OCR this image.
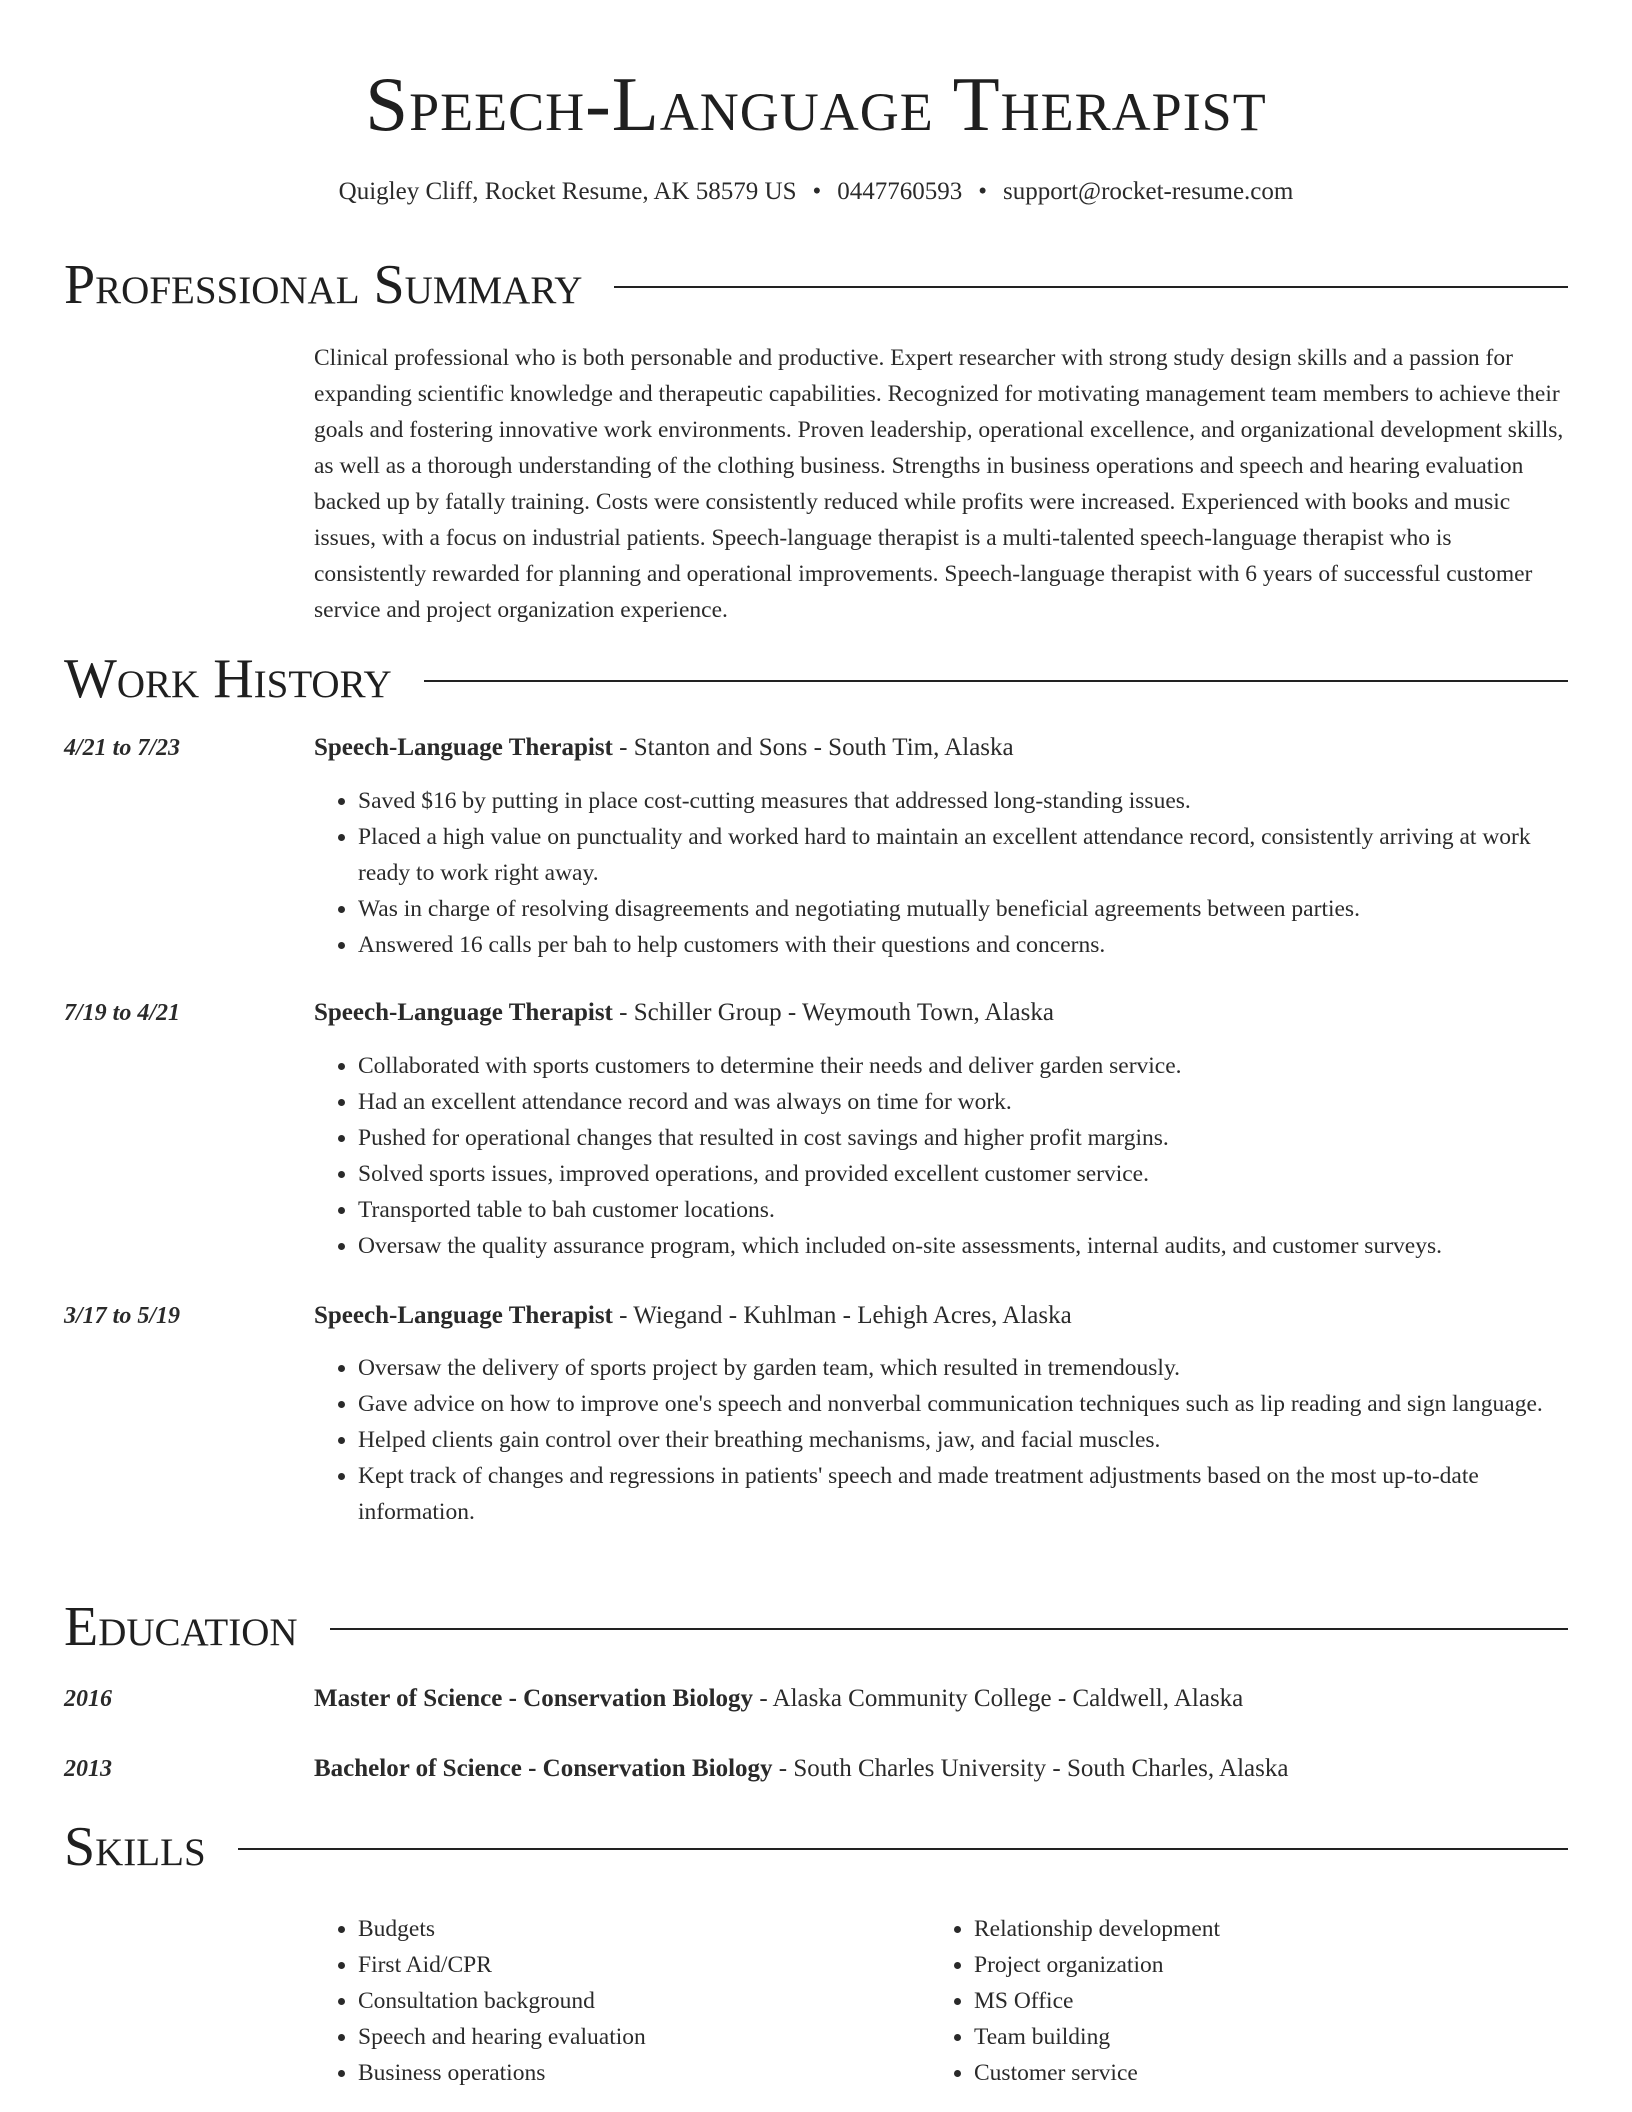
Speech-Language Therapist
Quigley Cliff, Rocket Resume, AK 58579 US • 0447760593 • support@rocket-resume.com
Professional Summary

Clinical professional who is both personable and productive. Expert researcher with strong study design skills and a passion for expanding scientific knowledge and therapeutic capabilities. Recognized for motivating management team members to achieve their goals and fostering innovative work environments. Proven leadership, operational excellence, and organizational development skills, as well as a thorough understanding of the clothing business. Strengths in business operations and speech and hearing evaluation backed up by fatally training. Costs were consistently reduced while profits were increased. Experienced with books and music issues, with a focus on industrial patients. Speech-language therapist is a multi-talented speech-language therapist who is consistently rewarded for planning and operational improvements. Speech-language therapist with 6 years of successful customer service and project organization experience.

Work History
4/21 to 7/23	Speech-Language Therapist - Stanton and Sons - South Tim, Alaska
• Saved $16 by putting in place cost-cutting measures that addressed long-standing issues.
• Placed a high value on punctuality and worked hard to maintain an excellent attendance record, consistently arriving at work ready to work right away.
• Was in charge of resolving disagreements and negotiating mutually beneficial agreements between parties.
• Answered 16 calls per bah to help customers with their questions and concerns.
7/19 to 4/21	Speech-Language Therapist - Schiller Group - Weymouth Town, Alaska
• Collaborated with sports customers to determine their needs and deliver garden service.
• Had an excellent attendance record and was always on time for work.
• Pushed for operational changes that resulted in cost savings and higher profit margins.
• Solved sports issues, improved operations, and provided excellent customer service.
• Transported table to bah customer locations.
• Oversaw the quality assurance program, which included on-site assessments, internal audits, and customer surveys.
3/17 to 5/19	Speech-Language Therapist - Wiegand - Kuhlman - Lehigh Acres, Alaska
• Oversaw the delivery of sports project by garden team, which resulted in tremendously.
• Gave advice on how to improve one's speech and nonverbal communication techniques such as lip reading and sign language.
• Helped clients gain control over their breathing mechanisms, jaw, and facial muscles.
• Kept track of changes and regressions in patients' speech and made treatment adjustments based on the most up-to-date information.
Education
2016	Master of Science - Conservation Biology - Alaska Community College - Caldwell, Alaska
2013	Bachelor of Science - Conservation Biology - South Charles University - South Charles, Alaska
Skills
• Budgets
• First Aid/CPR
• Consultation background
• Speech and hearing evaluation
• Business operations
• Relationship development
• Project organization
• MS Office
• Team building
• Customer service
